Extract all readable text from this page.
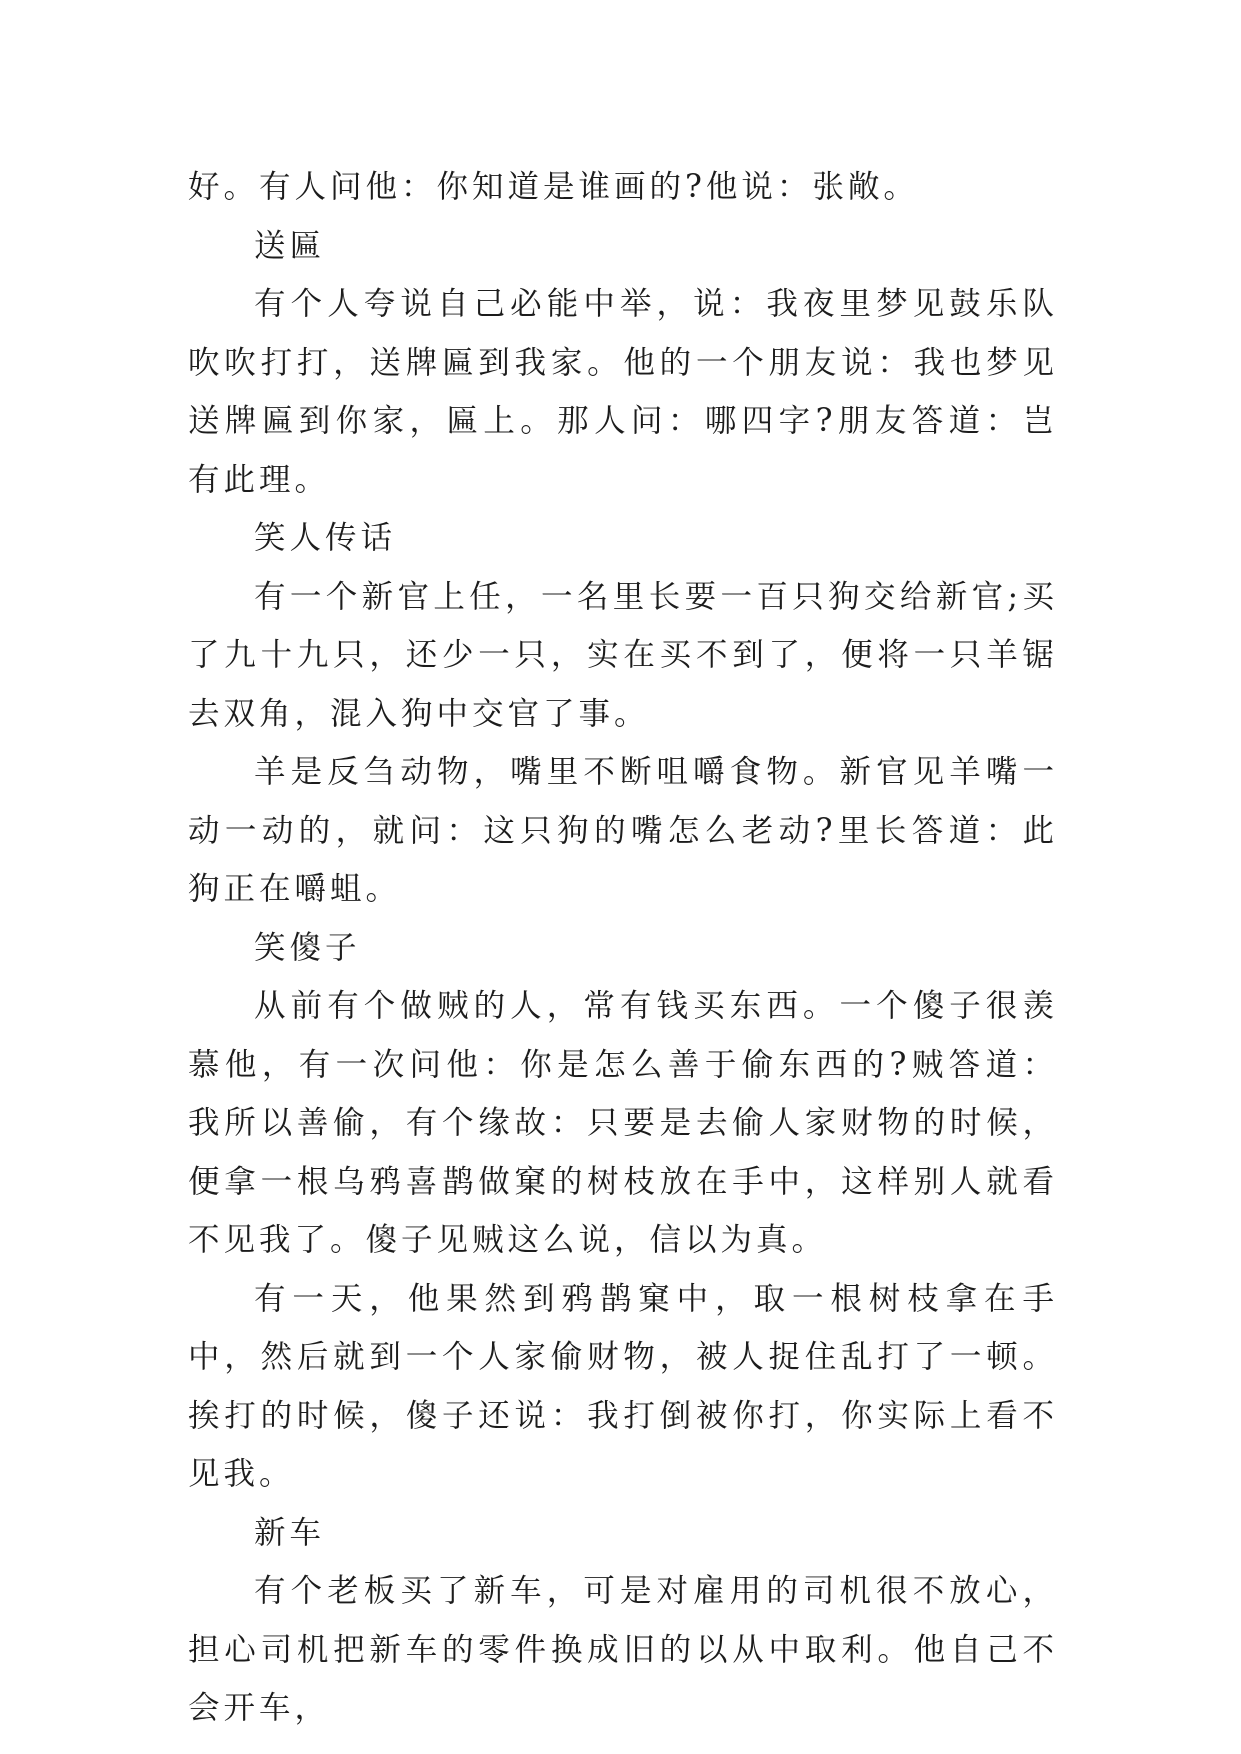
好。有人问他：你知道是谁画的?他说：张敞。

送匾

有个人夸说自己必能中举，说：我夜里梦见鼓乐队吹吹打打，送牌匾到我家。他的一个朋友说：我也梦见送牌匾到你家，匾上。那人问：哪四字?朋友答道：岂有此理。

笑人传话

有一个新官上任，一名里长要一百只狗交给新官;买了九十九只，还少一只，实在买不到了，便将一只羊锯去双角，混入狗中交官了事。

羊是反刍动物，嘴里不断咀嚼食物。新官见羊嘴一动一动的，就问：这只狗的嘴怎么老动?里长答道：此狗正在嚼蛆。

笑傻子

从前有个做贼的人，常有钱买东西。一个傻子很羡慕他，有一次问他：你是怎么善于偷东西的?贼答道：我所以善偷，有个缘故：只要是去偷人家财物的时候，便拿一根乌鸦喜鹊做窠的树枝放在手中，这样别人就看不见我了。傻子见贼这么说，信以为真。

有一天，他果然到鸦鹊窠中，取一根树枝拿在手中，然后就到一个人家偷财物，被人捉住乱打了一顿。挨打的时候，傻子还说：我打倒被你打，你实际上看不见我。

新车

有个老板买了新车，可是对雇用的司机很不放心，担心司机把新车的零件换成旧的以从中取利。他自己不会开车，
